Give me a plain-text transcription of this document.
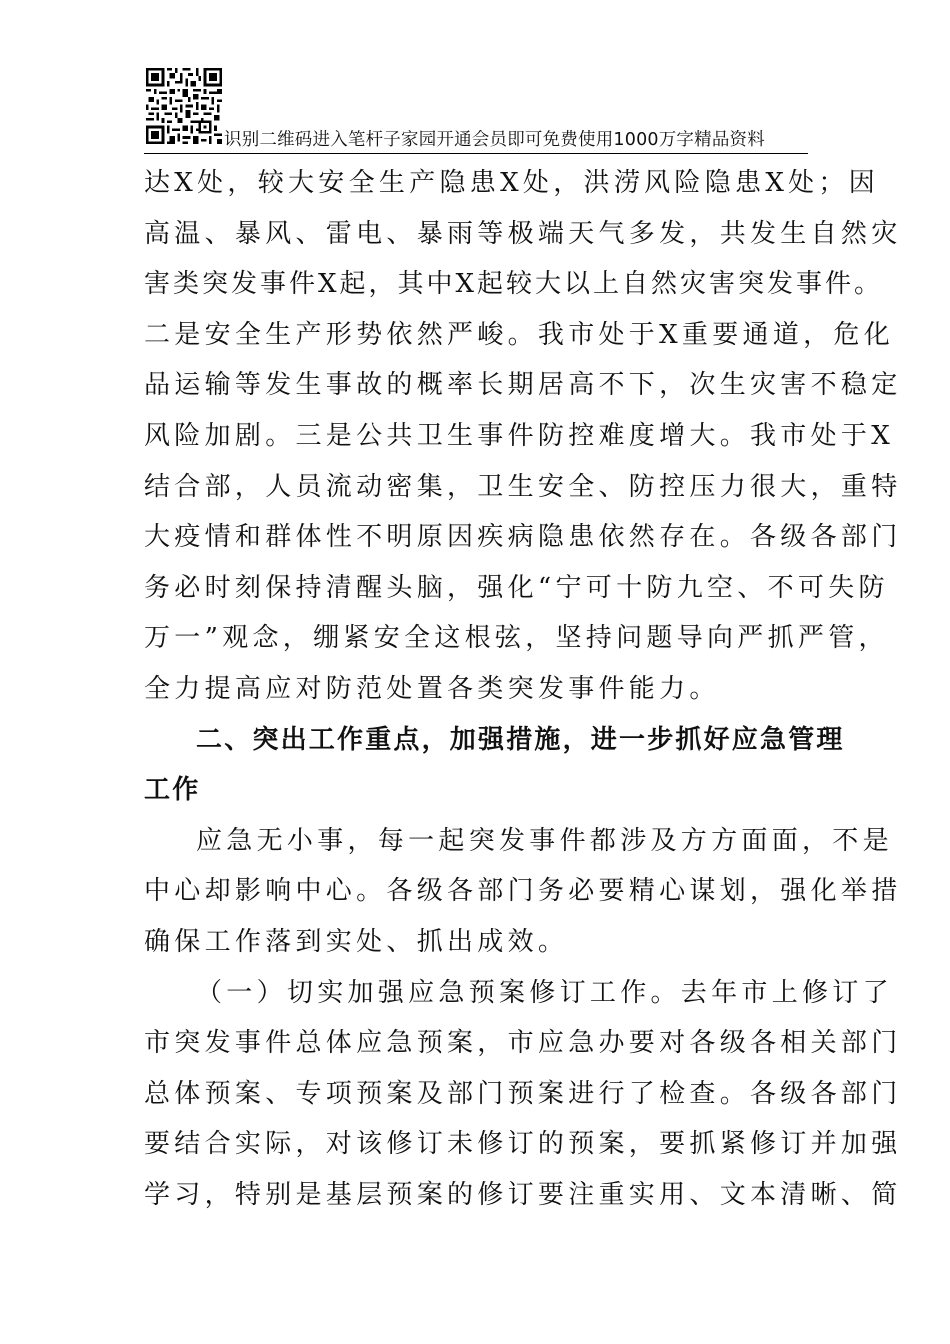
识别二维码进入笔杆子家园开通会员即可免费使用1000万字精品资料
达X处，较大安全生产隐患X处，洪涝风险隐患X处；因
高温、暴风、雷电、暴雨等极端天气多发，共发生自然灾
害类突发事件X起，其中X起较大以上自然灾害突发事件。
二是安全生产形势依然严峻。我市处于X重要通道，危化
品运输等发生事故的概率长期居高不下，次生灾害不稳定
风险加剧。三是公共卫生事件防控难度增大。我市处于X
结合部，人员流动密集，卫生安全、防控压力很大，重特
大疫情和群体性不明原因疾病隐患依然存在。各级各部门
务必时刻保持清醒头脑，强化“宁可十防九空、不可失防
万一”观念，绷紧安全这根弦，坚持问题导向严抓严管，
全力提高应对防范处置各类突发事件能力。
二、突出工作重点，加强措施，进一步抓好应急管理
工作
应急无小事，每一起突发事件都涉及方方面面，不是
中心却影响中心。各级各部门务必要精心谋划，强化举措
确保工作落到实处、抓出成效。
（一）切实加强应急预案修订工作。去年市上修订了
市突发事件总体应急预案，市应急办要对各级各相关部门
总体预案、专项预案及部门预案进行了检查。各级各部门
要结合实际，对该修订未修订的预案，要抓紧修订并加强
学习，特别是基层预案的修订要注重实用、文本清晰、简
